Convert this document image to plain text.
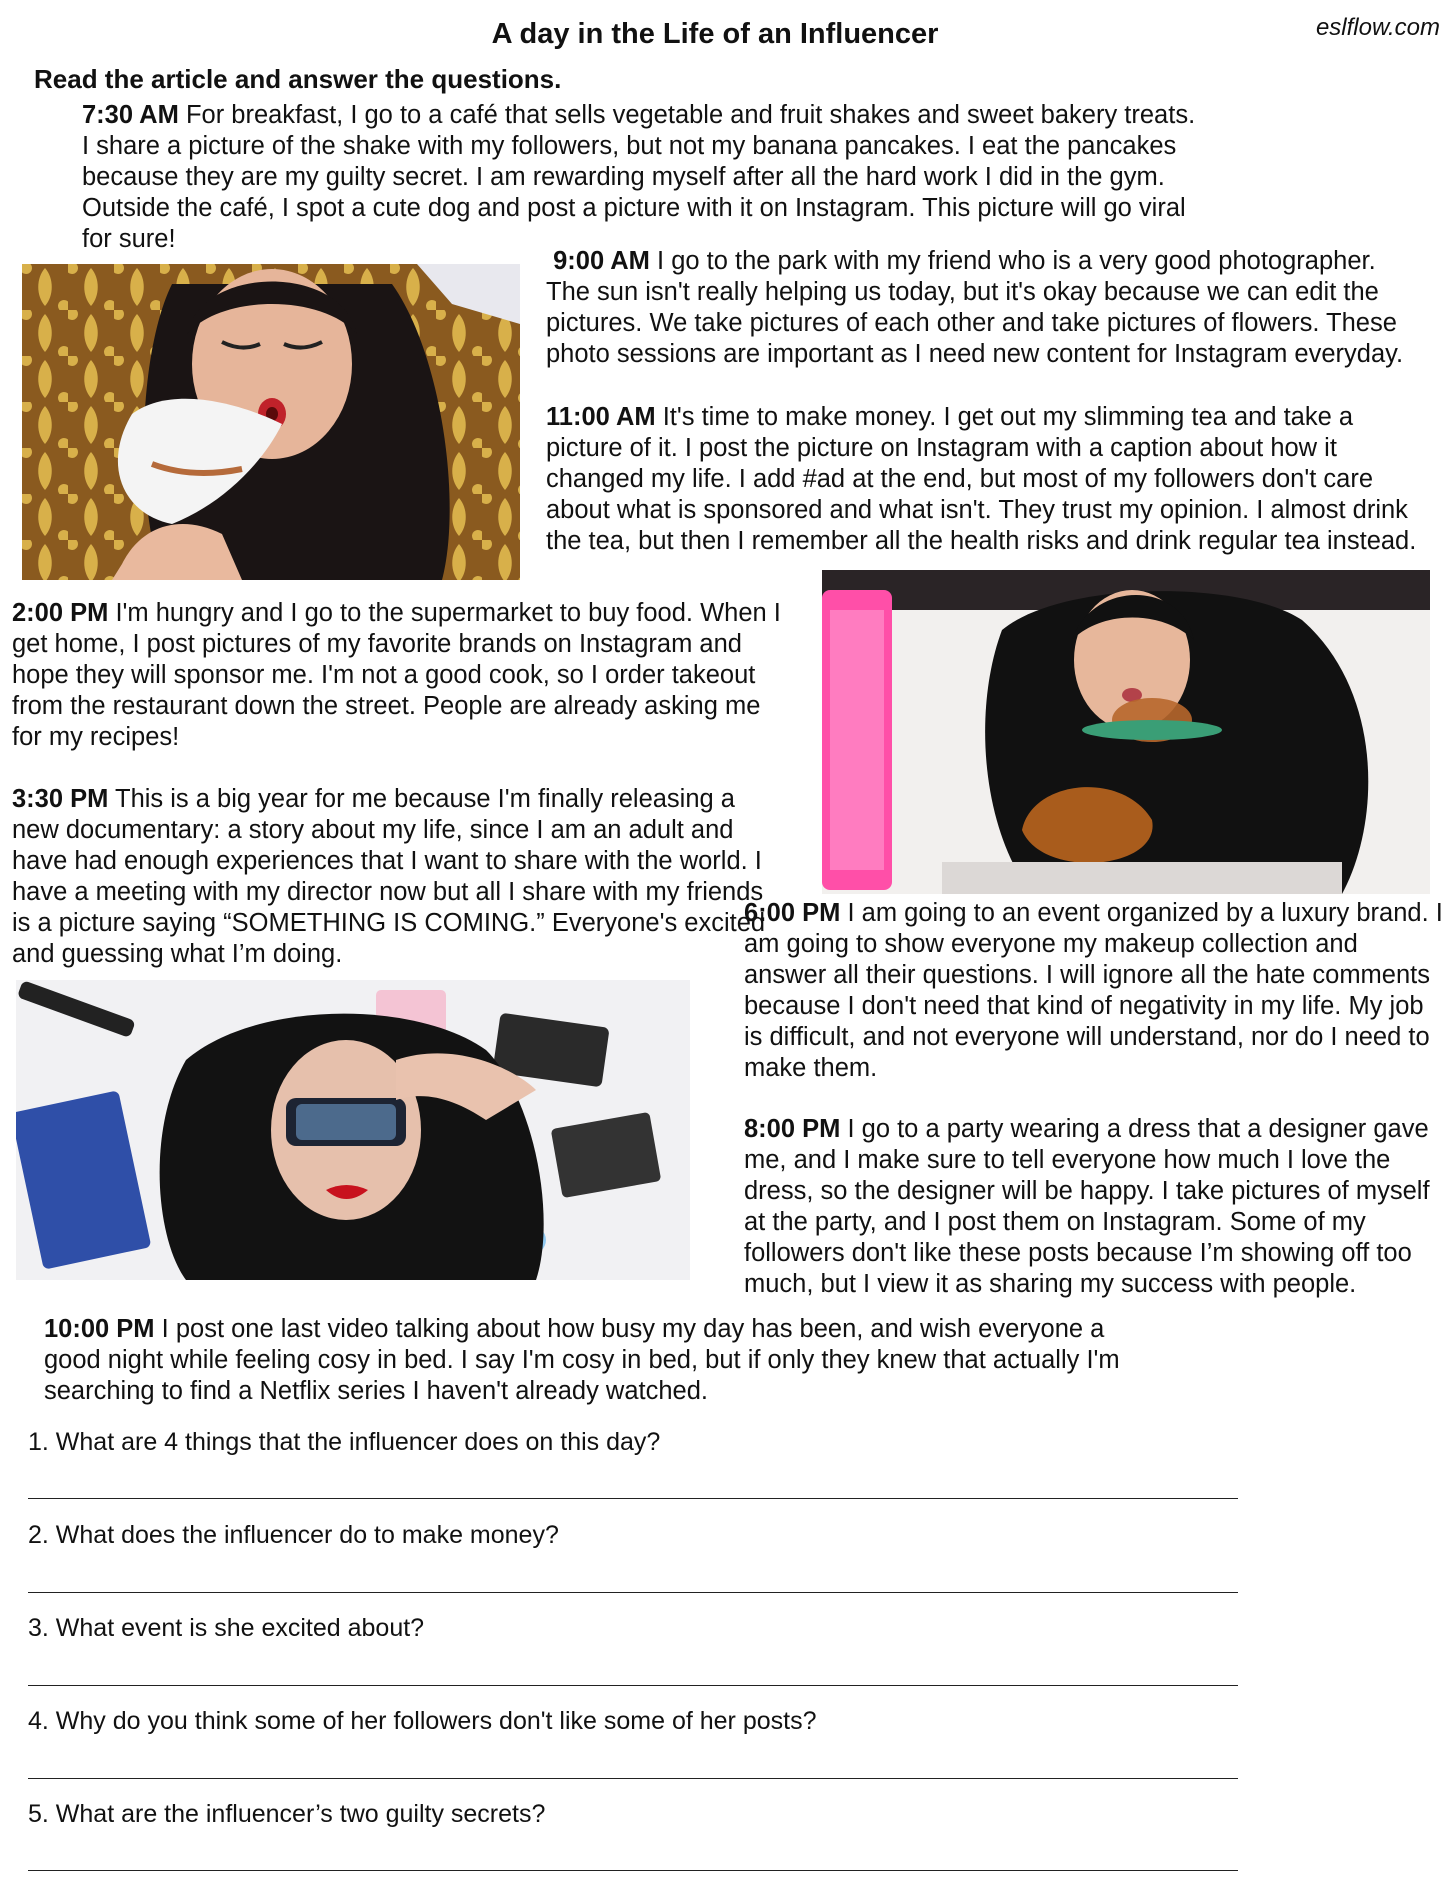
A day in the Life of an Influencer	eslflow.com
Read the article and answer the questions.

7:30 AM For breakfast, I go to a café that sells vegetable and fruit shakes and sweet bakery treats. I share a picture of the shake with my followers, but not my banana pancakes. I eat the pancakes because they are my guilty secret. I am rewarding myself after all the hard work I did in the gym. Outside the café, I spot a cute dog and post a picture with it on Instagram. This picture will go viral for sure!

9:00 AM I go to the park with my friend who is a very good photographer. The sun isn't really helping us today, but it's okay because we can edit the pictures. We take pictures of each other and take pictures of flowers. These photo sessions are important as I need new content for Instagram everyday.

11:00 AM It's time to make money. I get out my slimming tea and take a picture of it. I post the picture on Instagram with a caption about how it changed my life. I add #ad at the end, but most of my followers don't care about what is sponsored and what isn't. They trust my opinion. I almost drink the tea, but then I remember all the health risks and drink regular tea instead.

2:00 PM I'm hungry and I go to the supermarket to buy food. When I get home, I post pictures of my favorite brands on Instagram and hope they will sponsor me. I'm not a good cook, so I order takeout from the restaurant down the street. People are already asking me for my recipes!

3:30 PM This is a big year for me because I'm finally releasing a new documentary: a story about my life, since I am an adult and have had enough experiences that I want to share with the world. I have a meeting with my director now but all I share with my friends is a picture saying “SOMETHING IS COMING.” Everyone's excited and guessing what I’m doing.

6:00 PM I am going to an event organized by a luxury brand. I am going to show everyone my makeup collection and answer all their questions. I will ignore all the hate comments because I don't need that kind of negativity in my life. My job is difficult, and not everyone will understand, nor do I need to make them.

8:00 PM I go to a party wearing a dress that a designer gave me, and I make sure to tell everyone how much I love the dress, so the designer will be happy. I take pictures of myself at the party, and I post them on Instagram. Some of my followers don't like these posts because I’m showing off too much, but I view it as sharing my success with people.

10:00 PM I post one last video talking about how busy my day has been, and wish everyone a good night while feeling cosy in bed. I say I'm cosy in bed, but if only they knew that actually I'm searching to find a Netflix series I haven't already watched.

1. What are 4 things that the influencer does on this day?
2. What does the influencer do to make money?
3. What event is she excited about?
4. Why do you think some of her followers don't like some of her posts?
5. What are the influencer’s two guilty secrets?
